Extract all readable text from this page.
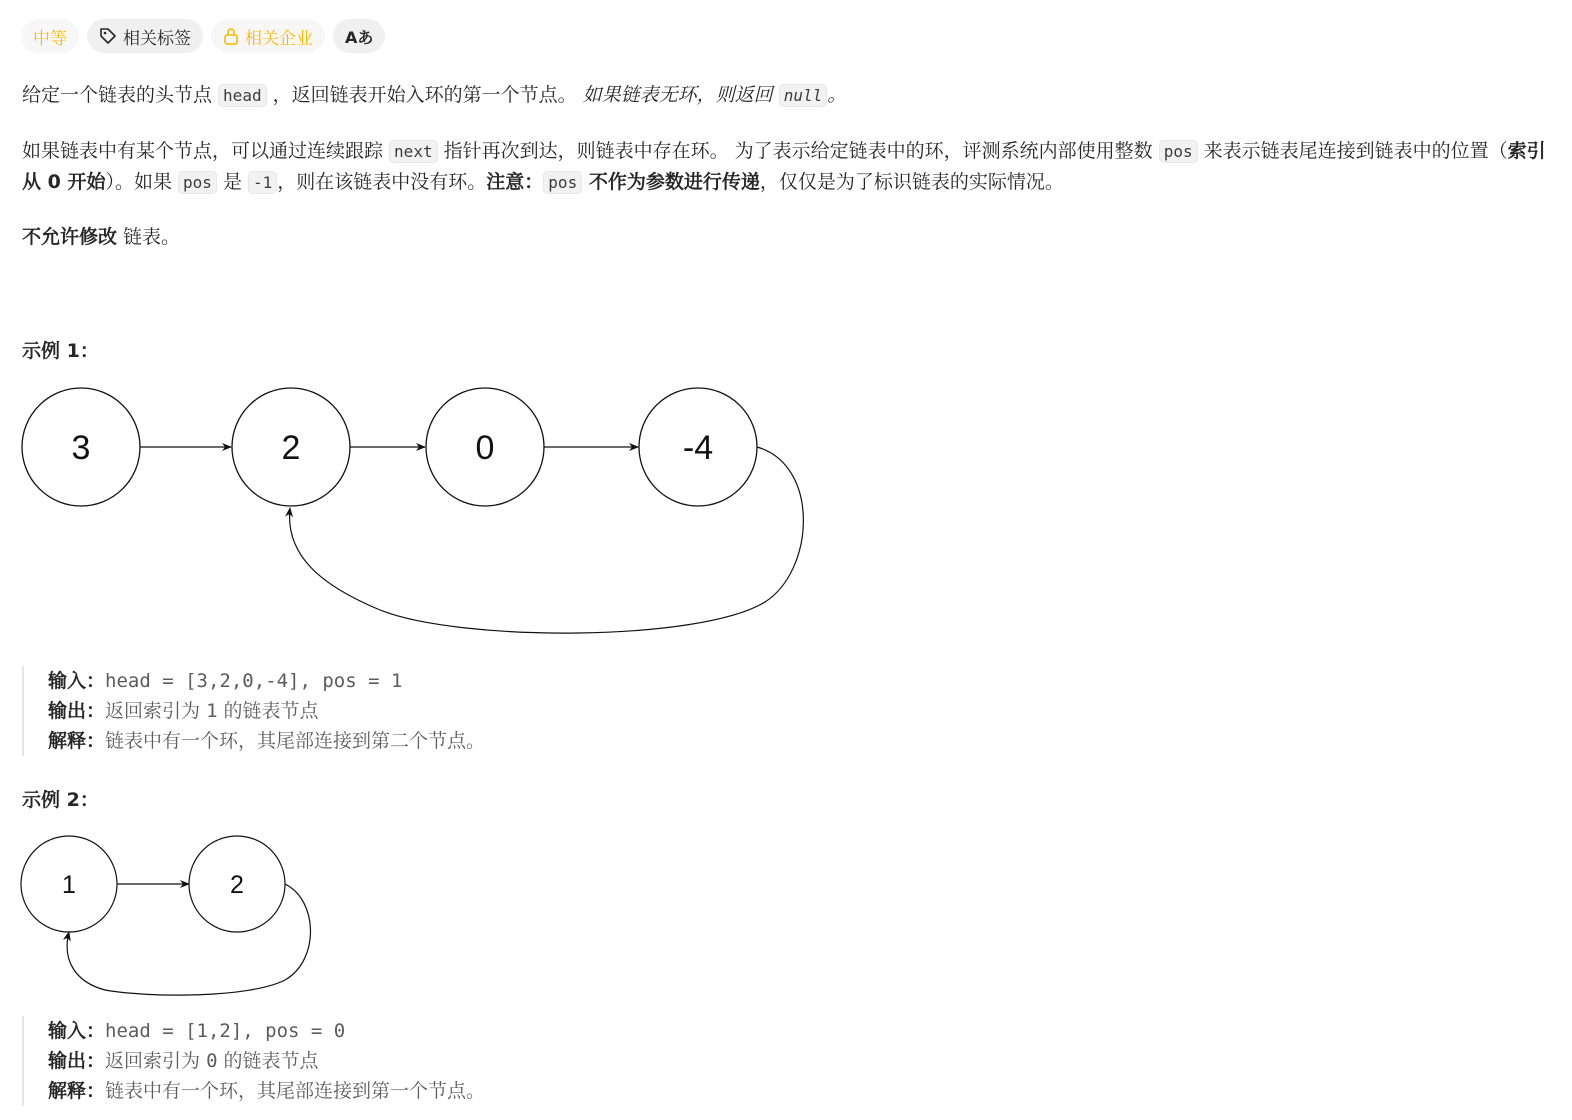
中等	相关标签	相关企业 Aあ

给定一个链表的头节点 head ，返回链表开始入环的第一个节点。 如果链表无环，则返回 null 。

如果链表中有某个节点，可以通过连续跟踪 next 指针再次到达，则链表中存在环。 为了表示给定链表中的环，评测系统内部使用整数 pos 来表示链表尾连接到链表中的位置（索引从 0 开始）。如果 pos 是 -1 ，则在该链表中没有环。注意： pos 不作为参数进行传递，仅仅是为了标识链表的实际情况。

不允许修改 链表。

示例 1：
3	2	0	-4
输入：head = [3,2,0,-4], pos = 1
输出：返回索引为 1 的链表节点
解释：链表中有一个环，其尾部连接到第二个节点。
示例 2：
1	2
输入：head = [1,2], pos = 0
输出：返回索引为 0 的链表节点
解释：链表中有一个环，其尾部连接到第一个节点。
